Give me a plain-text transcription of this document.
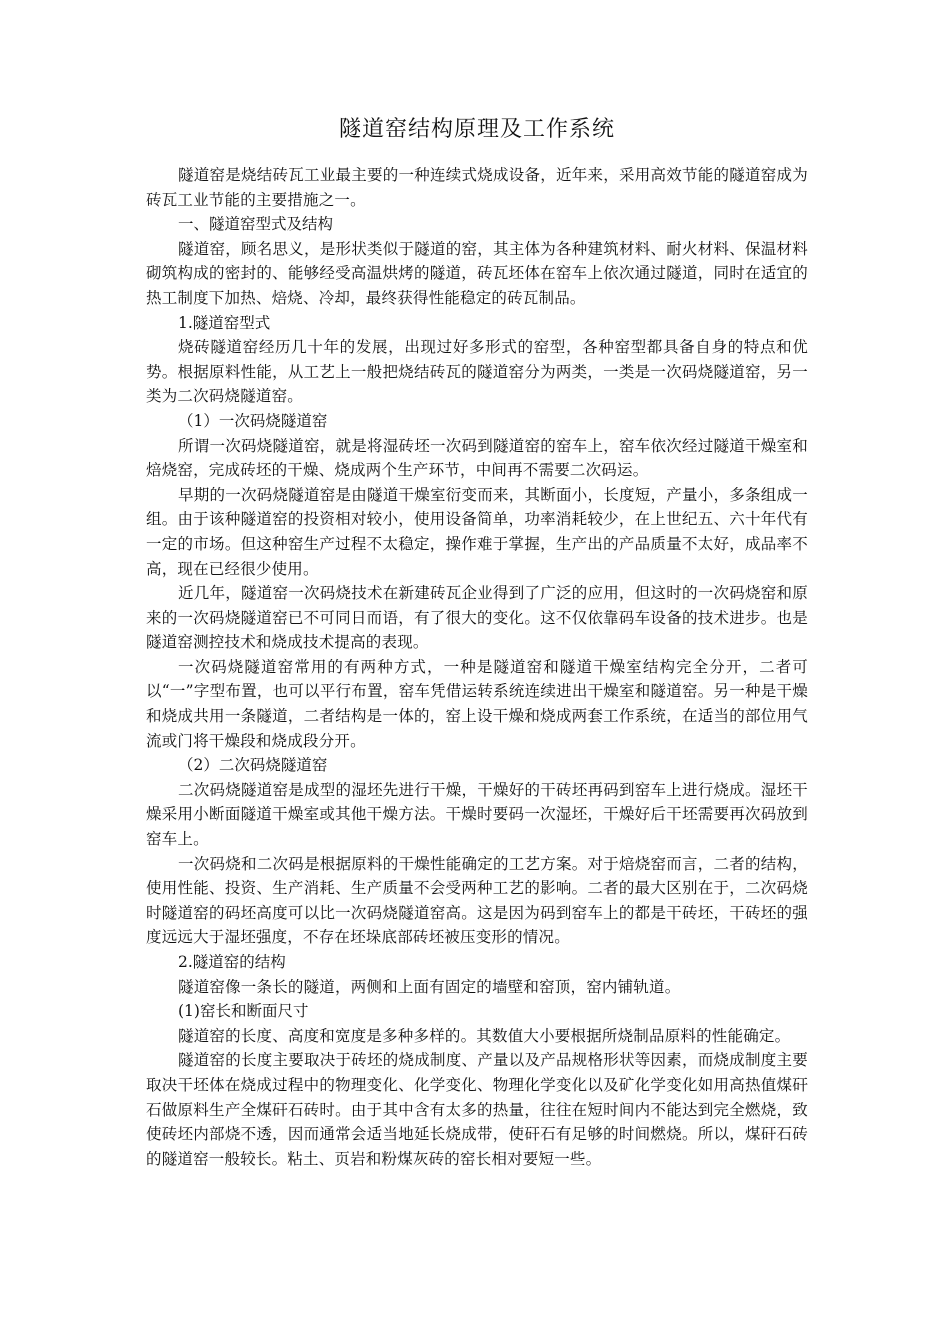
隧道窑结构原理及工作系统

隧道窑是烧结砖瓦工业最主要的一种连续式烧成设备，近年来，采用高效节能的隧道窑成为砖瓦工业节能的主要措施之一。

一、隧道窑型式及结构

隧道窑，顾名思义，是形状类似于隧道的窑，其主体为各种建筑材料、耐火材料、保温材料砌筑构成的密封的、能够经受高温烘烤的隧道，砖瓦坯体在窑车上依次通过隧道，同时在适宜的热工制度下加热、焙烧、冷却，最终获得性能稳定的砖瓦制品。

1.隧道窑型式

烧砖隧道窑经历几十年的发展，出现过好多形式的窑型，各种窑型都具备自身的特点和优势。根据原料性能，从工艺上一般把烧结砖瓦的隧道窑分为两类，一类是一次码烧隧道窑，另一类为二次码烧隧道窑。

（1）一次码烧隧道窑

所谓一次码烧隧道窑，就是将湿砖坯一次码到隧道窑的窑车上，窑车依次经过隧道干燥室和焙烧窑，完成砖坯的干燥、烧成两个生产环节，中间再不需要二次码运。

早期的一次码烧隧道窑是由隧道干燥室衍变而来，其断面小，长度短，产量小，多条组成一组。由于该种隧道窑的投资相对较小，使用设备简单，功率消耗较少，在上世纪五、六十年代有一定的市场。但这种窑生产过程不太稳定，操作难于掌握，生产出的产品质量不太好，成品率不高，现在已经很少使用。

近几年，隧道窑一次码烧技术在新建砖瓦企业得到了广泛的应用，但这时的一次码烧窑和原来的一次码烧隧道窑已不可同日而语，有了很大的变化。这不仅依靠码车设备的技术进步。也是隧道窑测控技术和烧成技术提高的表现。

一次码烧隧道窑常用的有两种方式，一种是隧道窑和隧道干燥室结构完全分开，二者可以“一”字型布置，也可以平行布置，窑车凭借运转系统连续进出干燥室和隧道窑。另一种是干燥和烧成共用一条隧道，二者结构是一体的，窑上设干燥和烧成两套工作系统，在适当的部位用气流或门将干燥段和烧成段分开。

（2）二次码烧隧道窑

二次码烧隧道窑是成型的湿坯先进行干燥，干燥好的干砖坯再码到窑车上进行烧成。湿坯干燥采用小断面隧道干燥室或其他干燥方法。干燥时要码一次湿坯，干燥好后干坯需要再次码放到窑车上。

一次码烧和二次码是根据原料的干燥性能确定的工艺方案。对于焙烧窑而言，二者的结构，使用性能、投资、生产消耗、生产质量不会受两种工艺的影响。二者的最大区别在于，二次码烧时隧道窑的码坯高度可以比一次码烧隧道窑高。这是因为码到窑车上的都是干砖坯，干砖坯的强度远远大于湿坯强度，不存在坯垛底部砖坯被压变形的情况。

2.隧道窑的结构

隧道窑像一条长的隧道，两侧和上面有固定的墙壁和窑顶，窑内铺轨道。

(1)窑长和断面尺寸

隧道窑的长度、高度和宽度是多种多样的。其数值大小要根据所烧制品原料的性能确定。

隧道窑的长度主要取决于砖坯的烧成制度、产量以及产品规格形状等因素，而烧成制度主要取决干坯体在烧成过程中的物理变化、化学变化、物理化学变化以及矿化学变化如用高热值煤矸石做原料生产全煤矸石砖时。由于其中含有太多的热量，往往在短时间内不能达到完全燃烧，致使砖坯内部烧不透，因而通常会适当地延长烧成带，使矸石有足够的时间燃烧。所以，煤矸石砖的隧道窑一般较长。粘土、页岩和粉煤灰砖的窑长相对要短一些。
